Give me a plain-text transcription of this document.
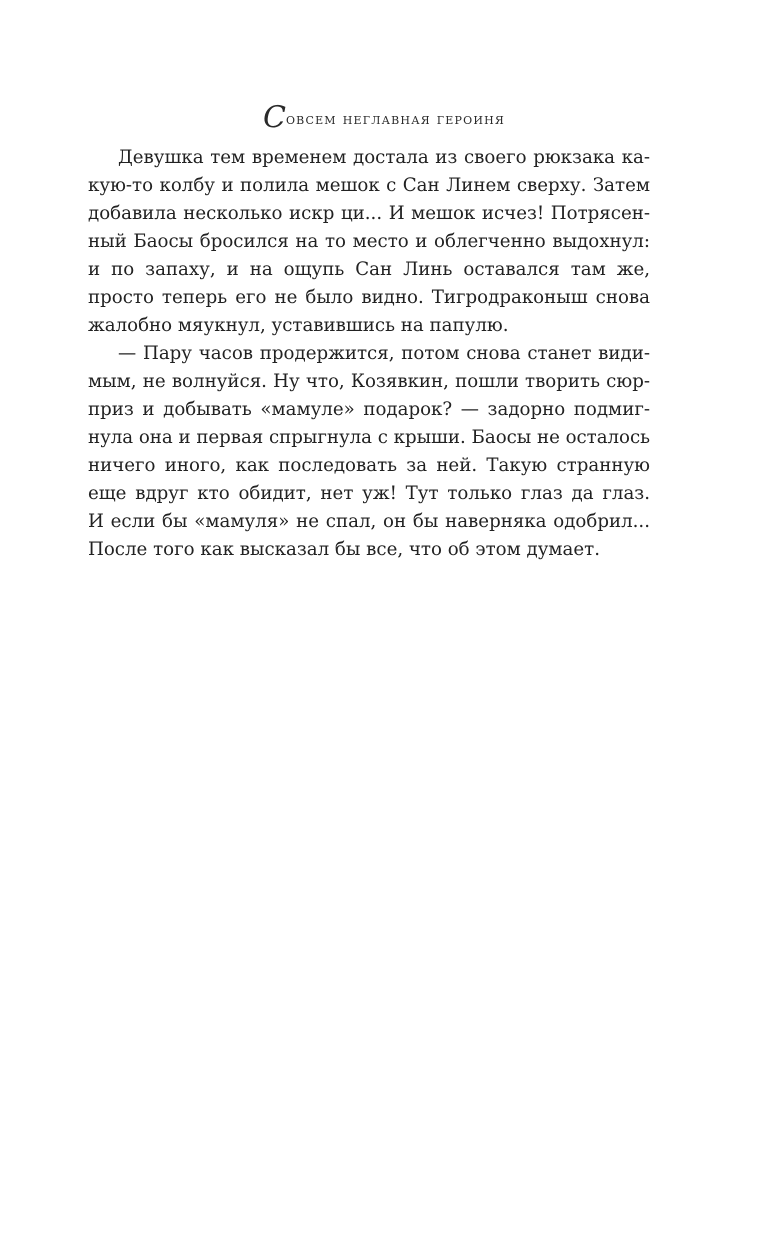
Совсем неглавная героиня
Девушка тем временем достала из своего рюкзака ка-
кую-то колбу и полила мешок с Сан Линем сверху. Затем
добавила несколько искр ци... И мешок исчез! Потрясен-
ный Баосы бросился на то место и облегченно выдохнул:
и по запаху, и на ощупь Сан Линь оставался там же,
просто теперь его не было видно. Тигродраконыш снова
жалобно мяукнул, уставившись на папулю.
— Пару часов продержится, потом снова станет види-
мым, не волнуйся. Ну что, Козявкин, пошли творить сюр-
приз и добывать «мамуле» подарок? — задорно подмиг-
нула она и первая спрыгнула с крыши. Баосы не осталось
ничего иного, как последовать за ней. Такую странную
еще вдруг кто обидит, нет уж! Тут только глаз да глаз.
И если бы «мамуля» не спал, он бы наверняка одобрил...
После того как высказал бы все, что об этом думает.
